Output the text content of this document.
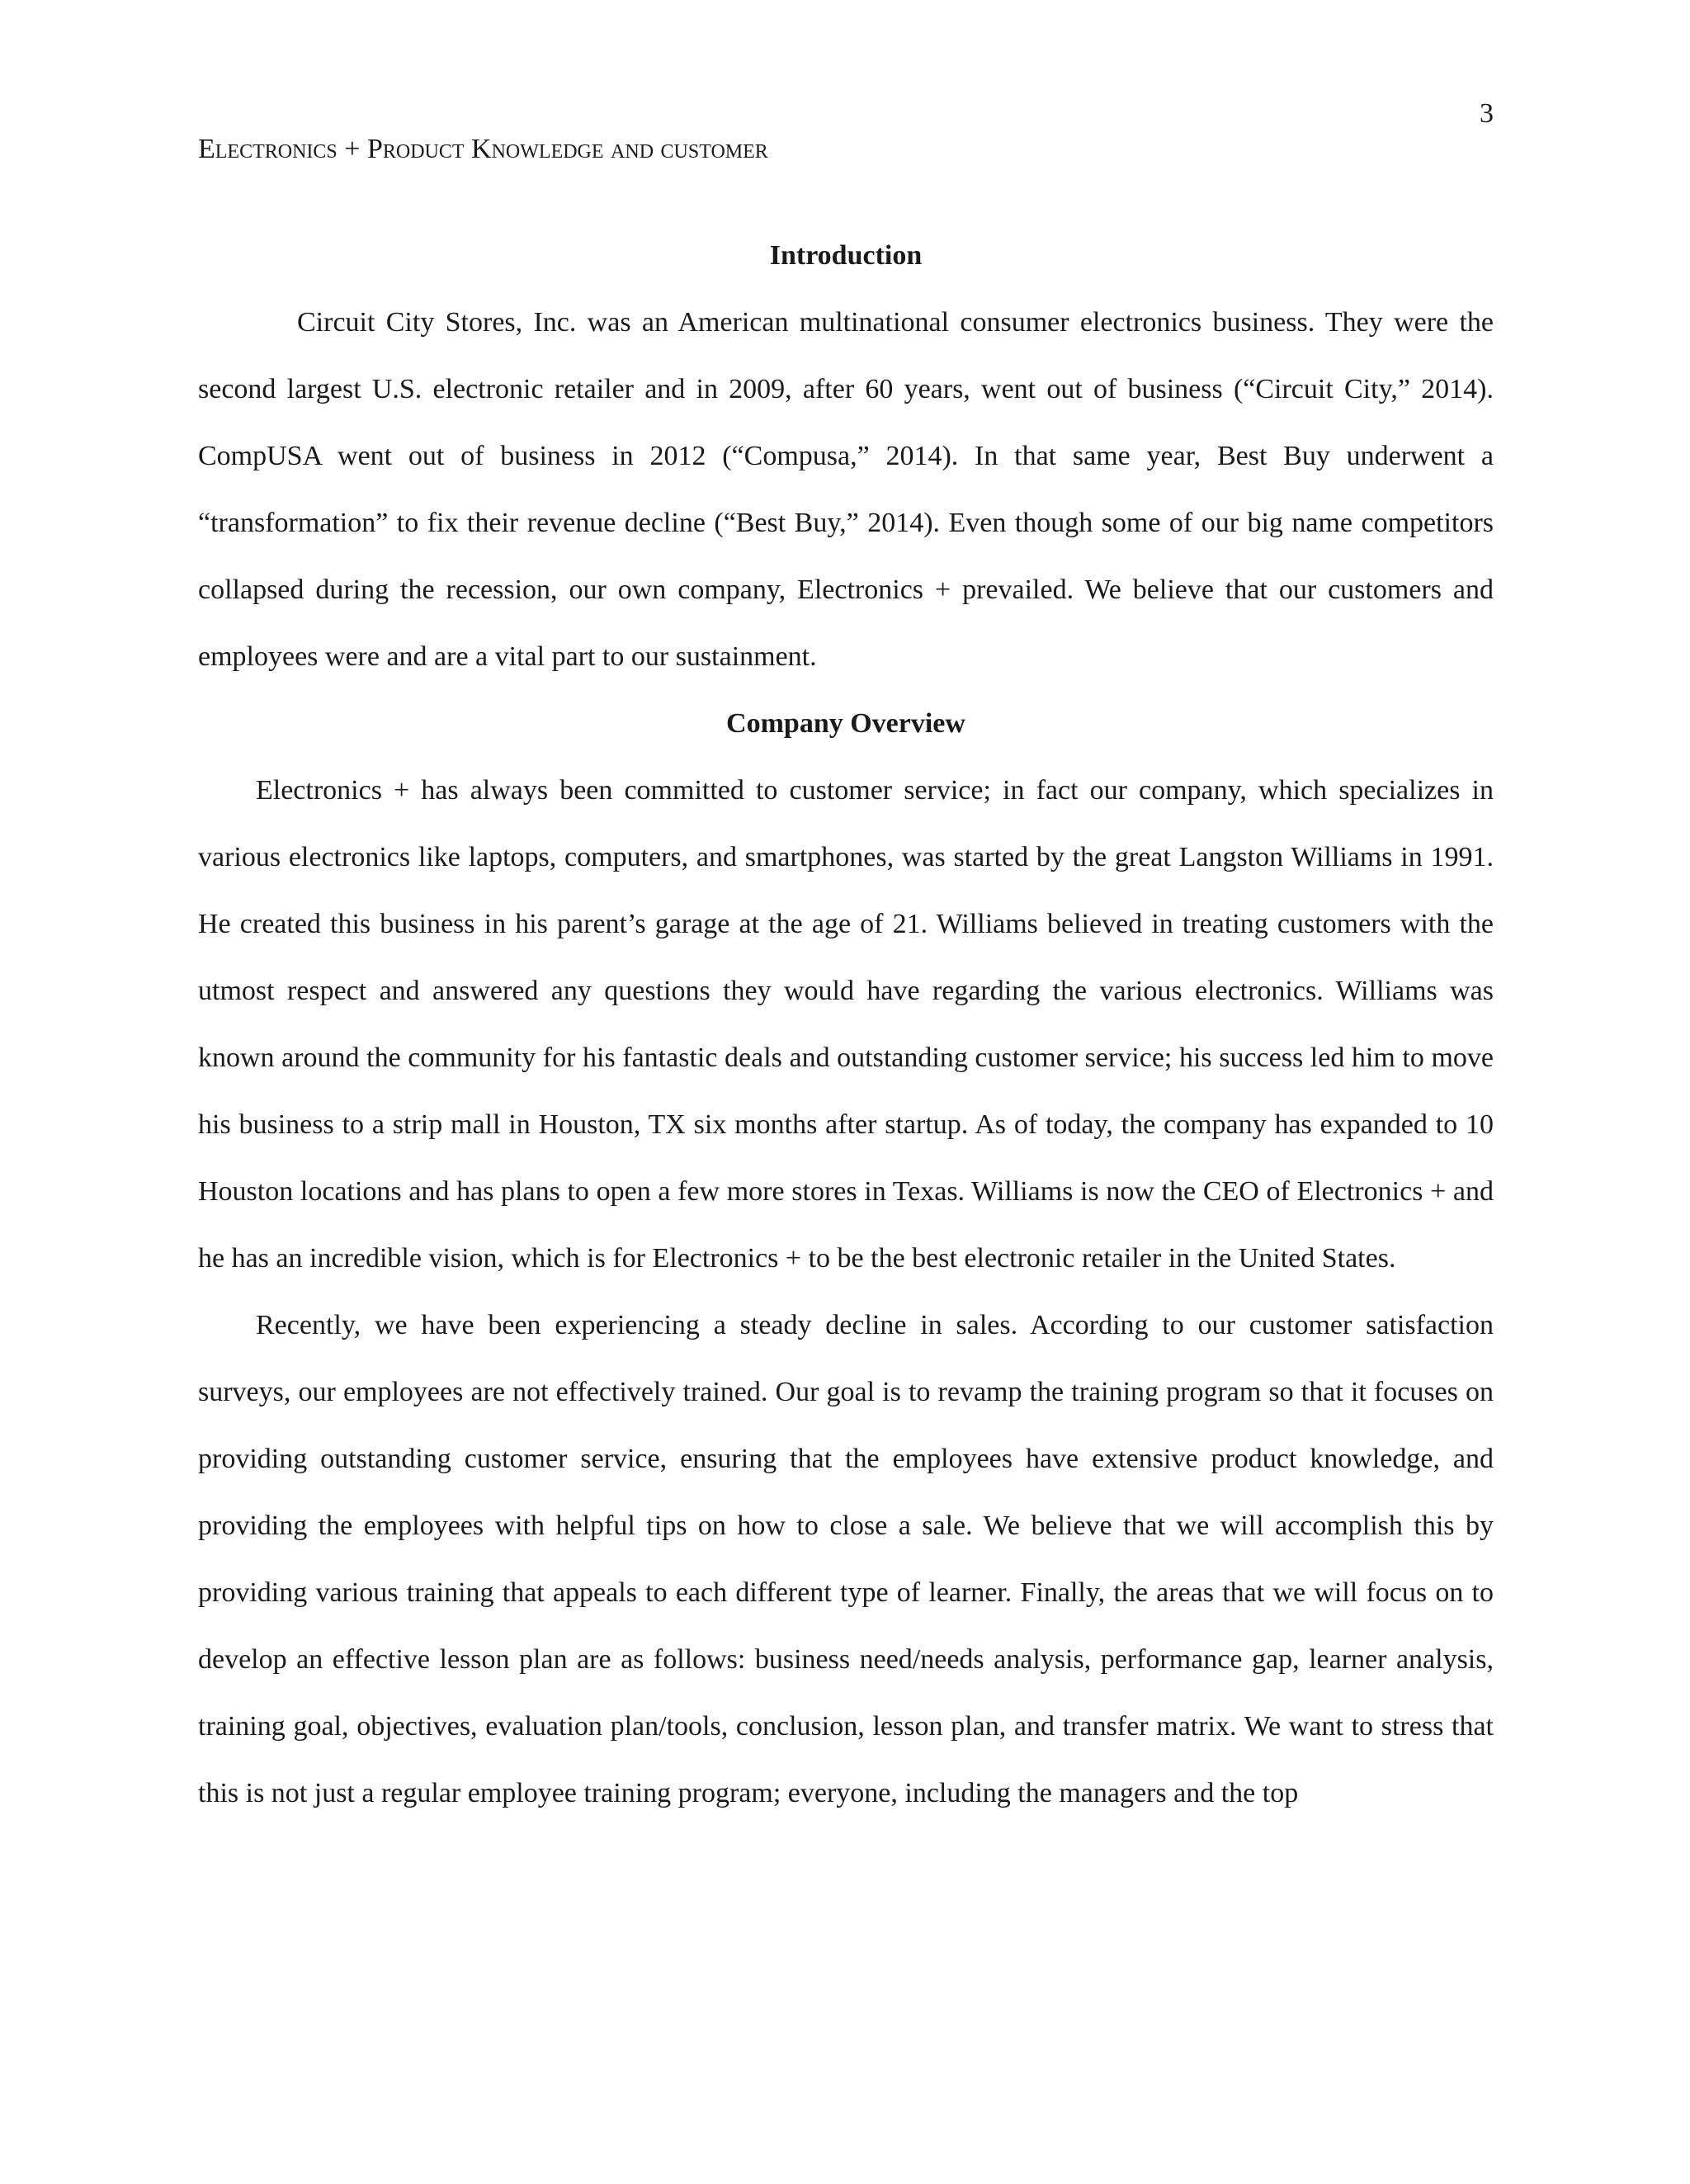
3
Electronics + Product Knowledge and customer
Introduction

Circuit City Stores, Inc. was an American multinational consumer electronics business. They were the second largest U.S. electronic retailer and in 2009, after 60 years, went out of business (“Circuit City,” 2014). CompUSA went out of business in 2012 (“Compusa,” 2014). In that same year, Best Buy underwent a “transformation” to fix their revenue decline (“Best Buy,” 2014). Even though some of our big name competitors collapsed during the recession, our own company, Electronics + prevailed. We believe that our customers and employees were and are a vital part to our sustainment.

Company Overview

Electronics + has always been committed to customer service; in fact our company, which specializes in various electronics like laptops, computers, and smartphones, was started by the great Langston Williams in 1991. He created this business in his parent’s garage at the age of 21. Williams believed in treating customers with the utmost respect and answered any questions they would have regarding the various electronics. Williams was known around the community for his fantastic deals and outstanding customer service; his success led him to move his business to a strip mall in Houston, TX six months after startup. As of today, the company has expanded to 10 Houston locations and has plans to open a few more stores in Texas. Williams is now the CEO of Electronics + and he has an incredible vision, which is for Electronics + to be the best electronic retailer in the United States.

Recently, we have been experiencing a steady decline in sales. According to our customer satisfaction surveys, our employees are not effectively trained. Our goal is to revamp the training program so that it focuses on providing outstanding customer service, ensuring that the employees have extensive product knowledge, and providing the employees with helpful tips on how to close a sale. We believe that we will accomplish this by providing various training that appeals to each different type of learner. Finally, the areas that we will focus on to develop an effective lesson plan are as follows: business need/needs analysis, performance gap, learner analysis, training goal, objectives, evaluation plan/tools, conclusion, lesson plan, and transfer matrix. We want to stress that this is not just a regular employee training program; everyone, including the managers and the top
